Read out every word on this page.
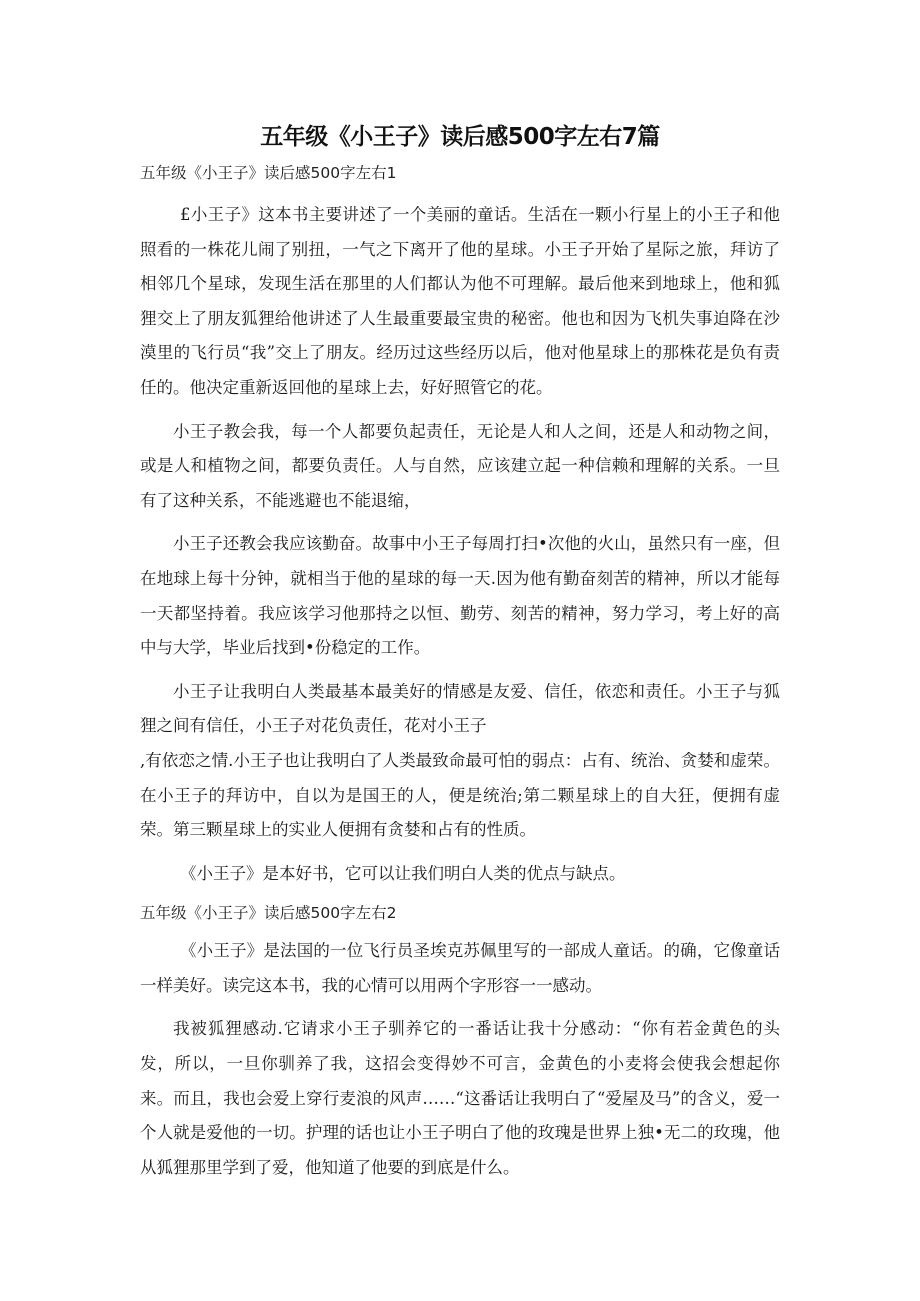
五年级《小王子》读后感500字左右7篇

五年级《小王子》读后感500字左右1

£小王子》这本书主要讲述了一个美丽的童话。生活在一颗小行星上的小王子和他照看的一株花儿闹了别扭，一气之下离开了他的星球。小王子开始了星际之旅，拜访了相邻几个星球，发现生活在那里的人们都认为他不可理解。最后他来到地球上，他和狐狸交上了朋友狐狸给他讲述了人生最重要最宝贵的秘密。他也和因为飞机失事迫降在沙漠里的飞行员“我”交上了朋友。经历过这些经历以后，他对他星球上的那株花是负有责任的。他决定重新返回他的星球上去，好好照管它的花。

小王子教会我，每一个人都要负起责任，无论是人和人之间，还是人和动物之间，或是人和植物之间，都要负责任。人与自然，应该建立起一种信赖和理解的关系。一旦有了这种关系，不能逃避也不能退缩，

小王子还教会我应该勤奋。故事中小王子每周打扫•次他的火山，虽然只有一座，但在地球上每十分钟，就相当于他的星球的每一天.因为他有勤奋刻苦的精神，所以才能每一天都坚持着。我应该学习他那持之以恒、勤劳、刻苦的精神，努力学习，考上好的高中与大学，毕业后找到•份稳定的工作。

小王子让我明白人类最基本最美好的情感是友爱、信任，依恋和责任。小王子与狐狸之间有信任，小王子对花负责任，花对小王子

,有依恋之情.小王子也让我明白了人类最致命最可怕的弱点：占有、统治、贪婪和虚荣。在小王子的拜访中，自以为是国王的人，便是统治;第二颗星球上的自大狂，便拥有虚荣。第三颗星球上的实业人便拥有贪婪和占有的性质。

《小王子》是本好书，它可以让我们明白人类的优点与缺点。

五年级《小王子》读后感500字左右2

《小王子》是法国的一位飞行员圣埃克苏佩里写的一部成人童话。的确，它像童话一样美好。读完这本书，我的心情可以用两个字形容一一感动。

我被狐狸感动.它请求小王子驯养它的一番话让我十分感动：“你有若金黄色的头发，所以，一旦你驯养了我，这招会变得妙不可言，金黄色的小麦将会使我会想起你来。而且，我也会爱上穿行麦浪的风声……“这番话让我明白了“爱屋及马”的含义，爱一个人就是爱他的一切。护理的话也让小王子明白了他的玫瑰是世界上独•无二的玫瑰，他从狐狸那里学到了爱，他知道了他要的到底是什么。
